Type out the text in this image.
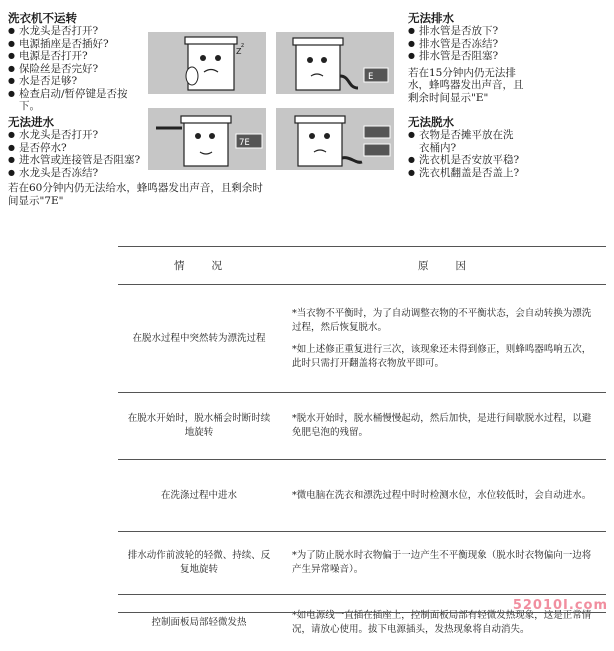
洗衣机不运转
● 水龙头是否打开?
● 电源插座是否插好?
● 电源是否打开?
● 保险丝是否完好?
● 水是否足够?
● 检查启动/暂停键是否按下。
无法进水
● 水龙头是否打开?
● 是否停水?
● 进水管或连接管是否阻塞?
● 水龙头是否冻结?

若在60分钟内仍无法给水，蜂鸣器发出声音，且剩余时间显示"7E"

无法排水
● 排水管是否放下?
● 排水管是否冻结?
● 排水管是否阻塞?

若在15分钟内仍无法排水，蜂鸣器发出声音，且剩余时间显示"E"

无法脱水
● 衣物是否摊平放在洗衣桶内?
● 洗衣机是否安放平稳?
● 洗衣机翻盖是否盖上?
Z
z
E
7E
情　　况	原　　因
在脱水过程中突然转为漂洗过程	*当衣物不平衡时，为了自动调整衣物的不平衡状态，会自动转换为漂洗过程，然后恢复脱水。
*如上述修正重复进行三次，该现象还未得到修正，则蜂鸣器鸣响五次，此时只需打开翻盖将衣物放平即可。

在脱水开始时，脱水桶会时断时续地旋转	*脱水开始时，脱水桶慢慢起动，然后加快，是进行间歇脱水过程，以避免肥皂泡的残留。

在洗涤过程中进水	*微电脑在洗衣和漂洗过程中时时检测水位，水位较低时，会自动进水。

排水动作前波轮的轻微、持续、反复地旋转	*为了防止脱水时衣物偏于一边产生不平衡现象（脱水时衣物偏向一边将产生异常噪音）。

控制面板局部轻微发热	*如电源线一直插在插座上，控制面板局部有轻微发热现象，这是正常情况，请放心使用。拔下电源插头，发热现象将自动消失。
52010I.com
